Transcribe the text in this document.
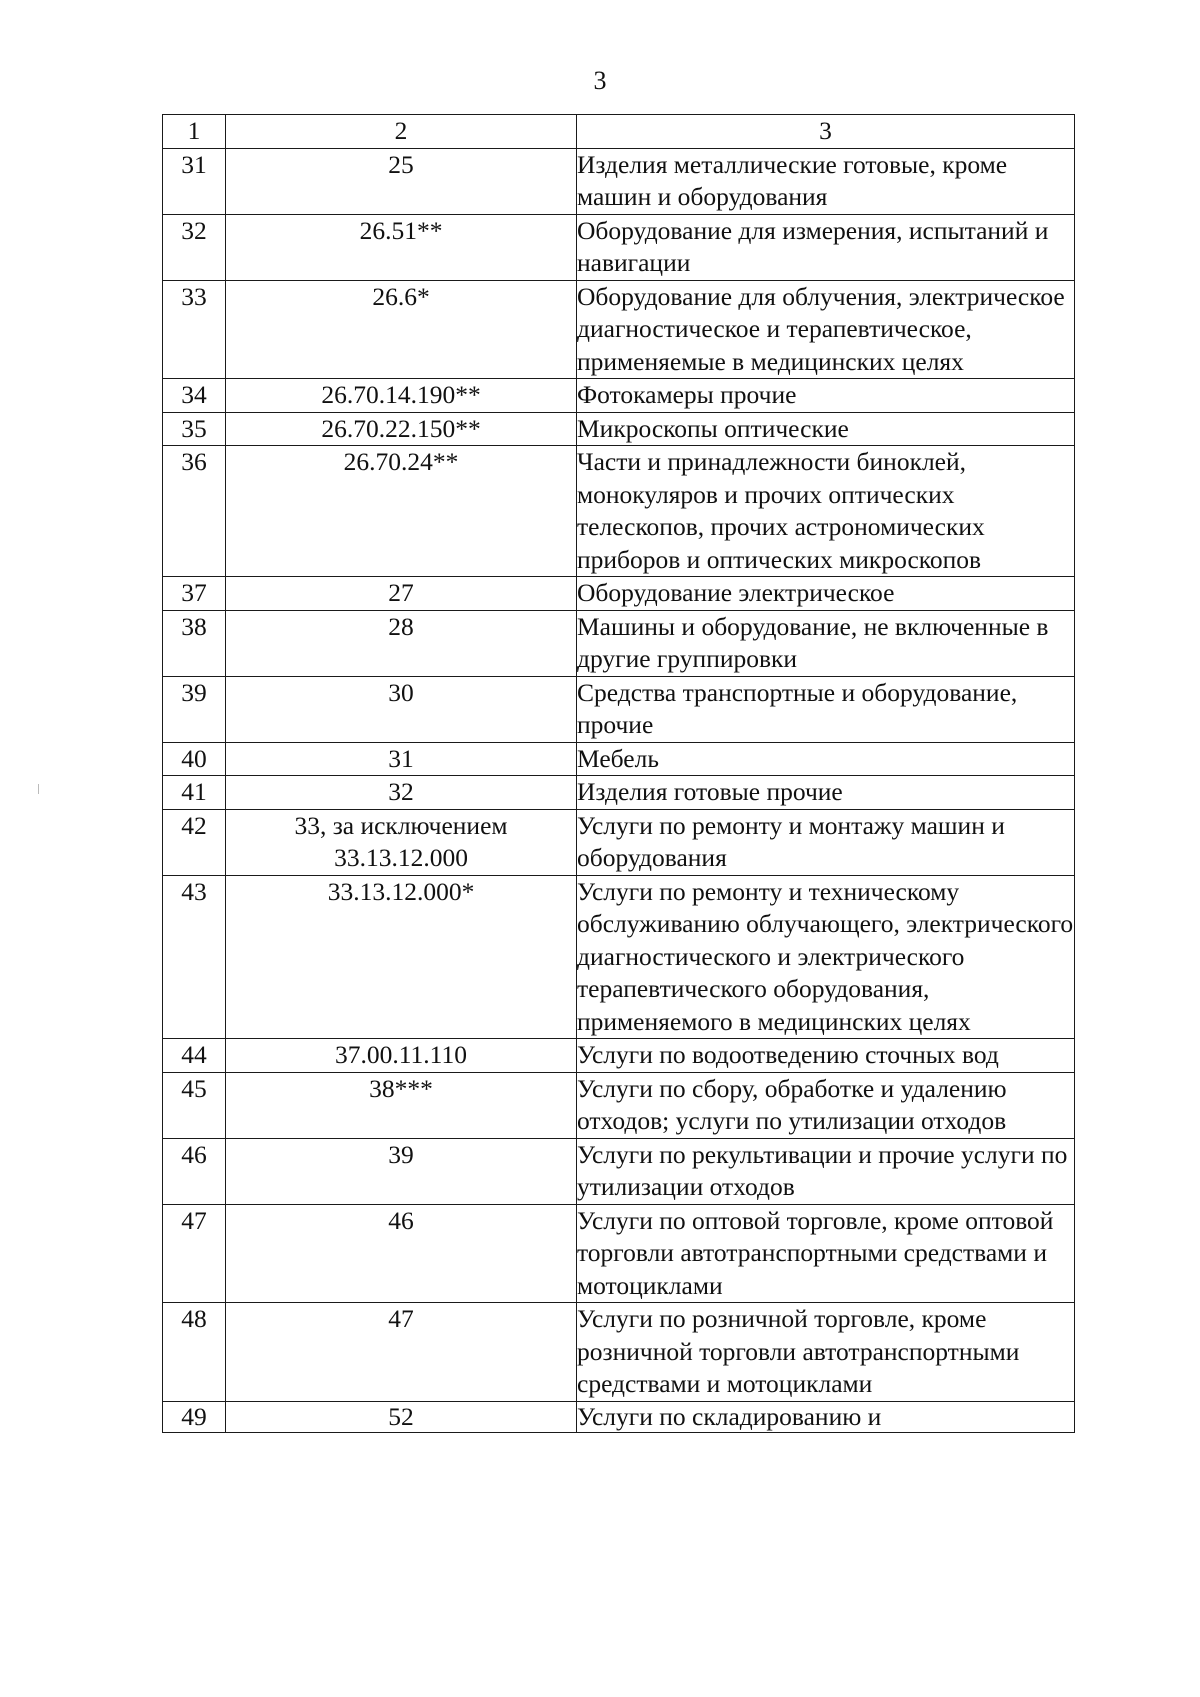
3
1	2	3
31	25	Изделия металлические готовые, кроме машин и оборудования
32	26.51**	Оборудование для измерения, испытаний и навигации
33	26.6*	Оборудование для облучения, электрическое диагностическое и терапевтическое, применяемые в медицинских целях
34	26.70.14.190**	Фотокамеры прочие
35	26.70.22.150**	Микроскопы оптические
36	26.70.24**	Части и принадлежности биноклей, монокуляров и прочих оптических телескопов, прочих астрономических приборов и оптических микроскопов
37	27	Оборудование электрическое
38	28	Машины и оборудование, не включенные в другие группировки
39	30	Средства транспортные и оборудование, прочие
40	31	Мебель
41	32	Изделия готовые прочие
42	33, за исключением 33.13.12.000	Услуги по ремонту и монтажу машин и оборудования
43	33.13.12.000*	Услуги по ремонту и техническому обслуживанию облучающего, электрического диагностического и электрического терапевтического оборудования, применяемого в медицинских целях
44	37.00.11.110	Услуги по водоотведению сточных вод
45	38***	Услуги по сбору, обработке и удалению отходов; услуги по утилизации отходов
46	39	Услуги по рекультивации и прочие услуги по утилизации отходов
47	46	Услуги по оптовой торговле, кроме оптовой торговли автотранспортными средствами и мотоциклами
48	47	Услуги по розничной торговле, кроме розничной торговли автотранспортными средствами и мотоциклами
49	52	Услуги по складированию и
